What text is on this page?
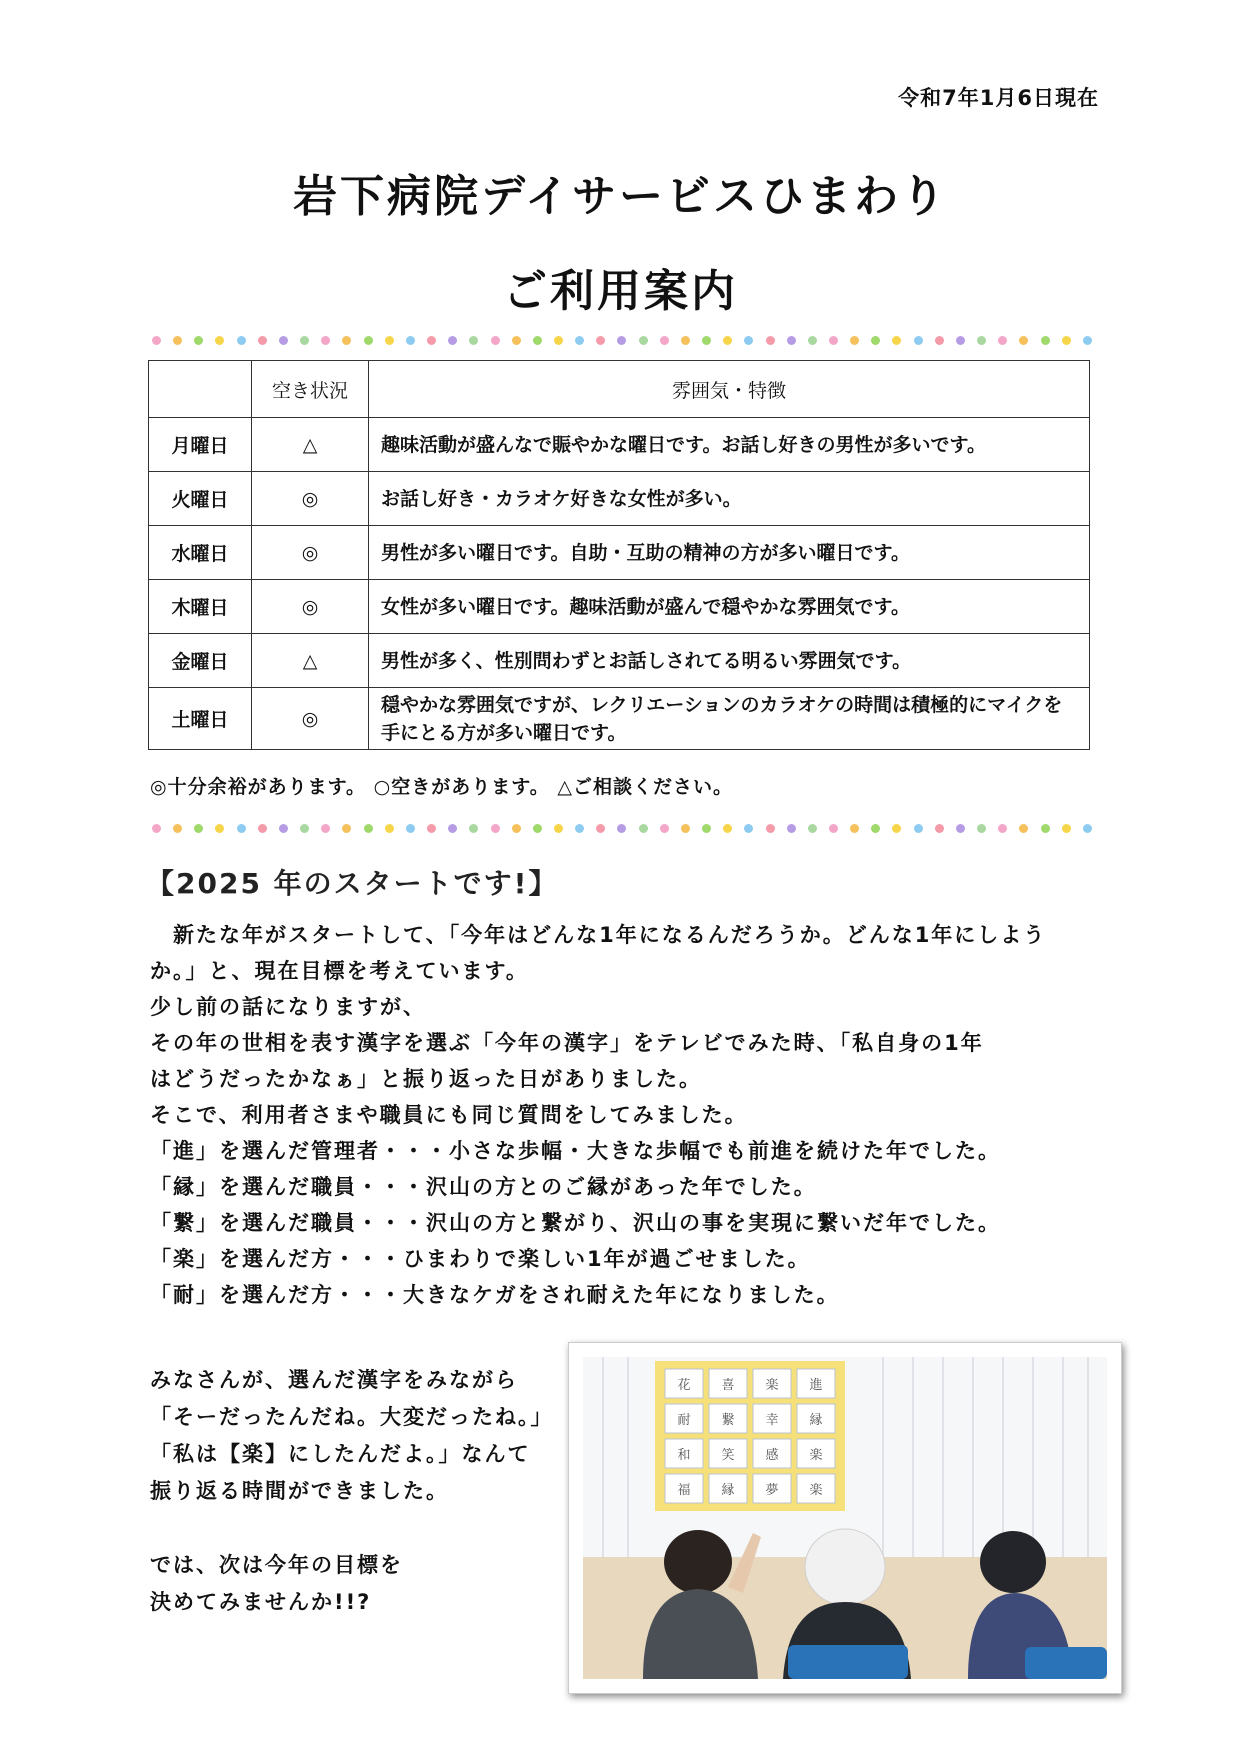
令和7年1月6日現在
岩下病院デイサービスひまわり
ご利用案内
	空き状況	雰囲気・特徴
月曜日	△	趣味活動が盛んなで賑やかな曜日です。お話し好きの男性が多いです。
火曜日	◎	お話し好き・カラオケ好きな女性が多い。
水曜日	◎	男性が多い曜日です。自助・互助の精神の方が多い曜日です。
木曜日	◎	女性が多い曜日です。趣味活動が盛んで穏やかな雰囲気です。
金曜日	△	男性が多く、性別問わずとお話しされてる明るい雰囲気です。
土曜日	◎	穏やかな雰囲気ですが、レクリエーションのカラオケの時間は積極的にマイクを手にとる方が多い曜日です。
◎十分余裕があります。 ○空きがあります。 △ご相談ください。
【2025 年のスタートです!】

　新たな年がスタートして、「今年はどんな1年になるんだろうか。どんな1年にしよう

か。」と、現在目標を考えています。

少し前の話になりますが、

その年の世相を表す漢字を選ぶ「今年の漢字」をテレビでみた時、「私自身の1年

はどうだったかなぁ」と振り返った日がありました。

そこで、利用者さまや職員にも同じ質問をしてみました。

「進」を選んだ管理者・・・小さな歩幅・大きな歩幅でも前進を続けた年でした。

「縁」を選んだ職員・・・沢山の方とのご縁があった年でした。

「繋」を選んだ職員・・・沢山の方と繋がり、沢山の事を実現に繋いだ年でした。

「楽」を選んだ方・・・ひまわりで楽しい1年が過ごせました。

「耐」を選んだ方・・・大きなケガをされ耐えた年になりました。

みなさんが、選んだ漢字をみながら

「そーだったんだね。大変だったね。」

「私は【楽】にしたんだよ。」なんて

振り返る時間ができました。

では、次は今年の目標を

決めてみませんか!!?

花 喜 楽 進
耐 繋 幸 縁
和 笑 感 楽
福 縁 夢 楽
